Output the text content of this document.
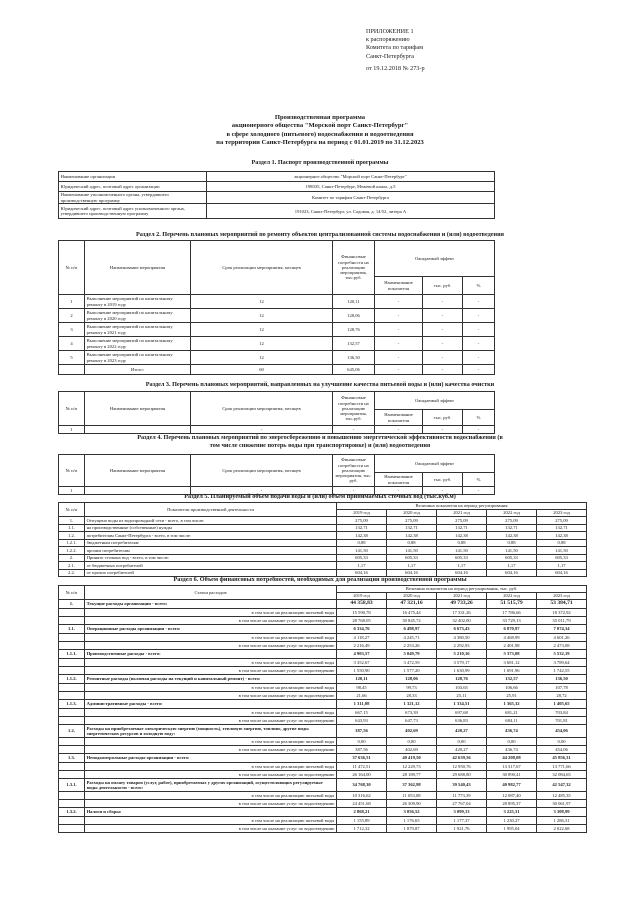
ПРИЛОЖЕНИЕ 1
к распоряжению
Комитета по тарифам
Санкт-Петербурга
от 19.12.2018 № 273-р
Производственная программа
акционерного общества "Морской порт Санкт-Петербург"
в сфере холодного (питьевого) водоснабжения и водоотведения
на территории Санкт-Петербурга на период с 01.01.2019 по 31.12.2023
Раздел 1. Паспорт производственной программы
Наименование организации	акционерное общество "Морской порт Санкт-Петербург"
Юридический адрес, почтовый адрес организации	198035, Санкт-Петербург, Межевой канал, д.5
Наименование уполномоченного органа, утвердившего производственную программу	Комитет по тарифам Санкт-Петербурга
Юридический адрес, почтовый адрес уполномоченного органа, утвердившего производственную программу	191023, Санкт-Петербург, ул. Садовая, д. 14/52, литера А
Раздел 2. Перечень плановых мероприятий по ремонту объектов централизованной системы водоснабжения и (или) водоотведения
№ п/п	Наименование мероприятия	Срок реализации мероприятия, месяцев	Финансовые потребности на реализацию мероприятия, тыс.руб.	Ожидаемый эффект		
				Наименование показателя	тыс. руб.	%
1	Выполнение мероприятий по капитальному ремонту в 2019 году	12	120,11	-	-	-
2	Выполнение мероприятий по капитальному ремонту в 2020 году	12	128,06	-	-	-
3	Выполнение мероприятий по капитальному ремонту в 2021 году	12	128,76	-	-	-
4	Выполнение мероприятий по капитальному ремонту в 2022 году	12	132,57	-	-	-
5	Выполнение мероприятий по капитальному ремонту в 2023 году	12	136,50	-	-	-
	Итого:	60	645,06	-	-	-
Раздел 3. Перечень плановых мероприятий, направленных на улучшение качества питьевой воды и (или) качества очистки
№ п/п	Наименование мероприятия	Срок реализации мероприятия, месяцев	Финансовые потребности на реализацию мероприятия, тыс.руб.	Ожидаемый эффект		
				Наименование показателя	тыс. руб.	%
1		-	-	-	-	-
Раздел 4. Перечень плановых мероприятий по энергосбережению и повышению энергетической эффективности водоснабжения (в
том числе снижение потерь воды при транспортировке) и (или) водоотведения
№ п/п	Наименование мероприятия	Срок реализации мероприятия, месяцев	Финансовые потребности на реализацию мероприятия, тыс. руб.	Ожидаемый эффект		
				Наименование показателя	тыс. руб.	%
1		-	-	-	-	-
Раздел 5. Планируемый объем подачи воды и (или) объем принимаемых сточных вод (тыс.куб.м)
№ п/п	Показатели производственной деятельности	Величина показателя на период регулирования				
		2019 год	2020 год	2021 год	2022 год	2023 год
1.	Отпущено воды из водопроводной сети - всего, в том числе:	275,09	275,09	275,09	275,09	275,09
1.1.	на производственные (собственные) нужды	132,71	132,71	132,71	132,71	132,71
1.2.	потребителям Санкт-Петербурга - всего, в том числе:	142,38	142,38	142,38	142,38	142,38
1.2.1.	бюджетным потребителям	0,88	0,88	0,88	0,88	0,88
1.2.2.	прочим потребителям	141,50	141,50	141,50	141,50	141,50
2.	Принято сточных вод - всего, в том числе:	605,33	605,33	605,33	605,33	605,33
2.1.	от бюджетных потребителей	1,17	1,17	1,17	1,17	1,17
2.2.	от прочих потребителей	604,16	604,16	604,16	604,16	604,16
Раздел 6. Объем финансовых потребностей, необходимых для реализации производственной программы
№ п/п	Статьи расходов	Величина показателя на период регулирования, тыс. руб.				
		2019 год	2020 год	2021 год	2022 год	2023 год
1.	Текущие расходы организации - всего:	44 358,83	47 321,16	49 733,26	51 515,79	53 384,71
	в том числе на реализацию питьевой воды	15 590,78	16 475,44	17 331,26	17 786,66	18 372,92
	в том числе на оказание услуг по водоотведению	28 768,05	30 845,72	32 402,00	33 729,13	35 011,79
1.1.	Операционные расходы организации - всего:	6 334,76	6 498,97	6 673,43	6 870,97	7 074,34
	в том числе на реализацию питьевой воды	4 118,27	4 245,71	4 380,50	4 468,99	4 601,26
	в том числе на оказание услуг по водоотведению	2 216,49	2 253,26	2 292,93	2 401,98	2 473,08
1.1.1.	Производственные расходы - всего:	4 903,57	5 049,79	5 210,16	5 373,08	5 532,19
	в том числе на реализацию питьевой воды	3 352,67	3 472,59	3 579,17	3 681,12	3 789,64
	в том числе на оказание услуг по водоотведению	1 550,90	1 577,20	1 630,99	1 691,96	1 742,55
1.1.2.	Ремонтные расходы (включая расходы на текущий и капитальный ремонт) - всего:	120,11	128,06	128,76	132,57	136,50
	в том числе на реализацию питьевой воды	98,45	99,73	103,65	106,66	107,78
	в том числе на оказание услуг по водоотведению	21,66	28,33	25,11	25,91	28,72
1.1.3.	Административные расходы - всего:	1 311,08	1 321,12	1 334,51	1 365,32	1 405,65
	в том числе на реализацию питьевой воды	667,15	673,39	697,68	681,21	703,84
	в том числе на оказание услуг по водоотведению	643,93	647,73	636,83	684,11	701,81
1.2.	Расходы на приобретаемые электрическую энергию (мощность), тепловую энергию, топливо, другие виды энергетических ресурсов и холодную воду:	387,56	402,69	420,27	436,74	454,06
	в том числе на реализацию питьевой воды	0,00	0,00	0,00	0,00	0,00
	в том числе на оказание услуг по водоотведению	387,56	402,69	420,27	436,74	454,06
1.3.	Неподконтрольные расходы организации - всего:	37 636,51	40 419,50	42 639,56	44 208,08	45 856,31
	в том числе на реализацию питьевой воды	11 472,51	12 229,73	12 950,76	13 317,67	13 771,66
	в том числе на оказание услуг по водоотведению	26 164,00	28 189,77	29 688,80	30 890,41	32 084,65
1.3.1.	Расходы на оплату товаров (услуг, работ), приобретаемых у других организаций, осуществляющих регулируемые виды деятельности - всего:	34 768,30	37 362,98	39 540,43	40 982,77	42 547,32
	в том числе на реализацию питьевой воды	10 316,62	11 053,08	11 773,39	12 087,40	12 485,35
	в том числе на оказание услуг по водоотведению	24 451,68	26 309,90	27 767,04	28 895,37	30 061,97
1.3.2.	Налоги и сборы:	2 868,21	3 056,52	3 099,13	3 225,31	3 308,99
	в том числе на реализацию питьевой воды	1 155,89	1 176,65	1 177,37	1 230,27	1 286,31
	в том числе на оказание услуг по водоотведению	1 712,32	1 879,87	1 921,76	1 995,04	2 022,68
